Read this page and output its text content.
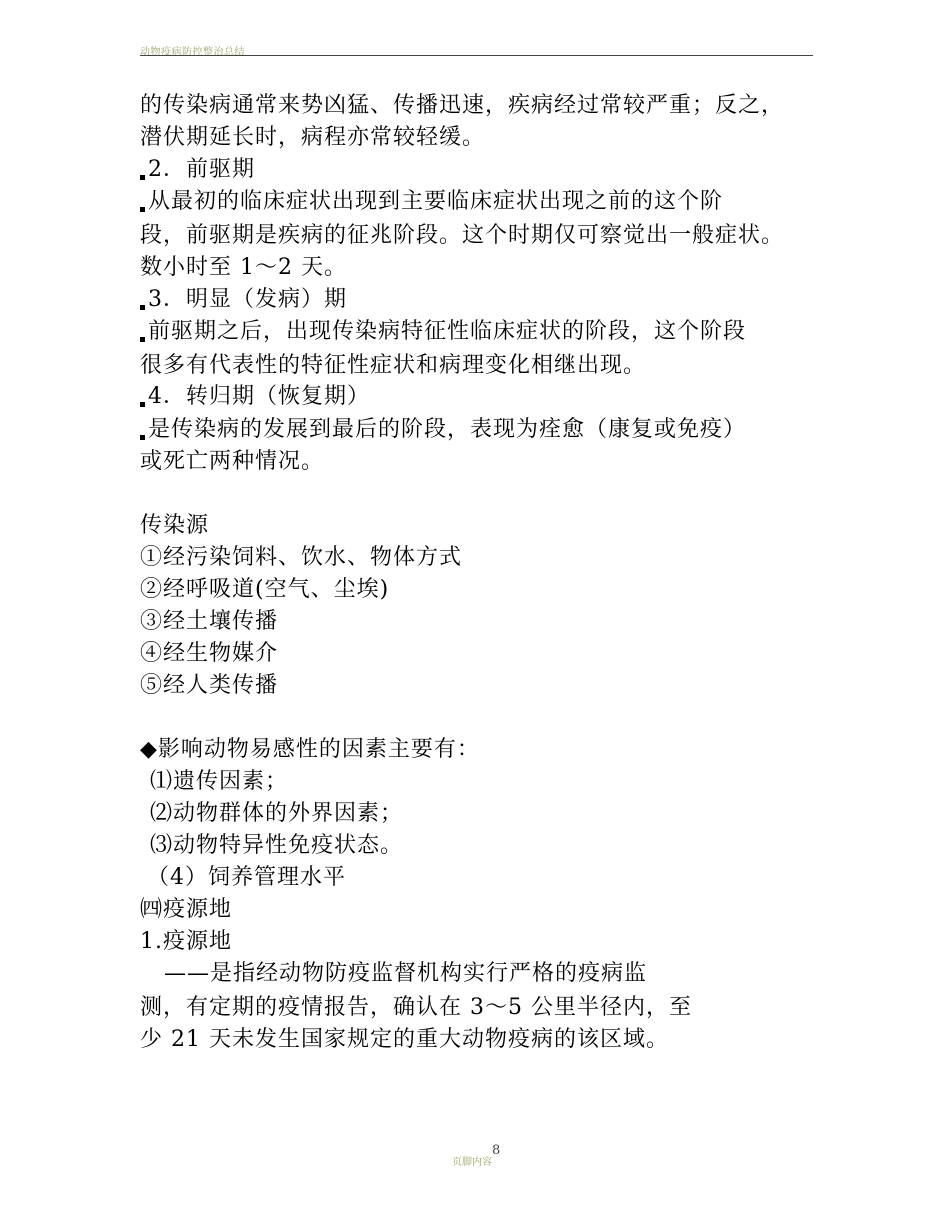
动物疫病防控整治总结
的传染病通常来势凶猛、传播迅速，疾病经过常较严重；反之，
潜伏期延长时，病程亦常较轻缓。
2．前驱期
从最初的临床症状出现到主要临床症状出现之前的这个阶
段，前驱期是疾病的征兆阶段。这个时期仅可察觉出一般症状。
数小时至 1～2 天。
3．明显（发病）期
前驱期之后，出现传染病特征性临床症状的阶段，这个阶段
很多有代表性的特征性症状和病理变化相继出现。
4．转归期（恢复期）
是传染病的发展到最后的阶段，表现为痊愈（康复或免疫）
或死亡两种情况。
传染源
①经污染饲料、饮水、物体方式
②经呼吸道(空气、尘埃)
③经土壤传播
④经生物媒介
⑤经人类传播
◆影响动物易感性的因素主要有：
⑴遗传因素；
⑵动物群体的外界因素；
⑶动物特异性免疫状态。
（4）饲养管理水平
㈣疫源地
1.疫源地
——是指经动物防疫监督机构实行严格的疫病监
测，有定期的疫情报告，确认在 3～5 公里半径内，至
少 21 天未发生国家规定的重大动物疫病的该区域。
页脚内容
8
